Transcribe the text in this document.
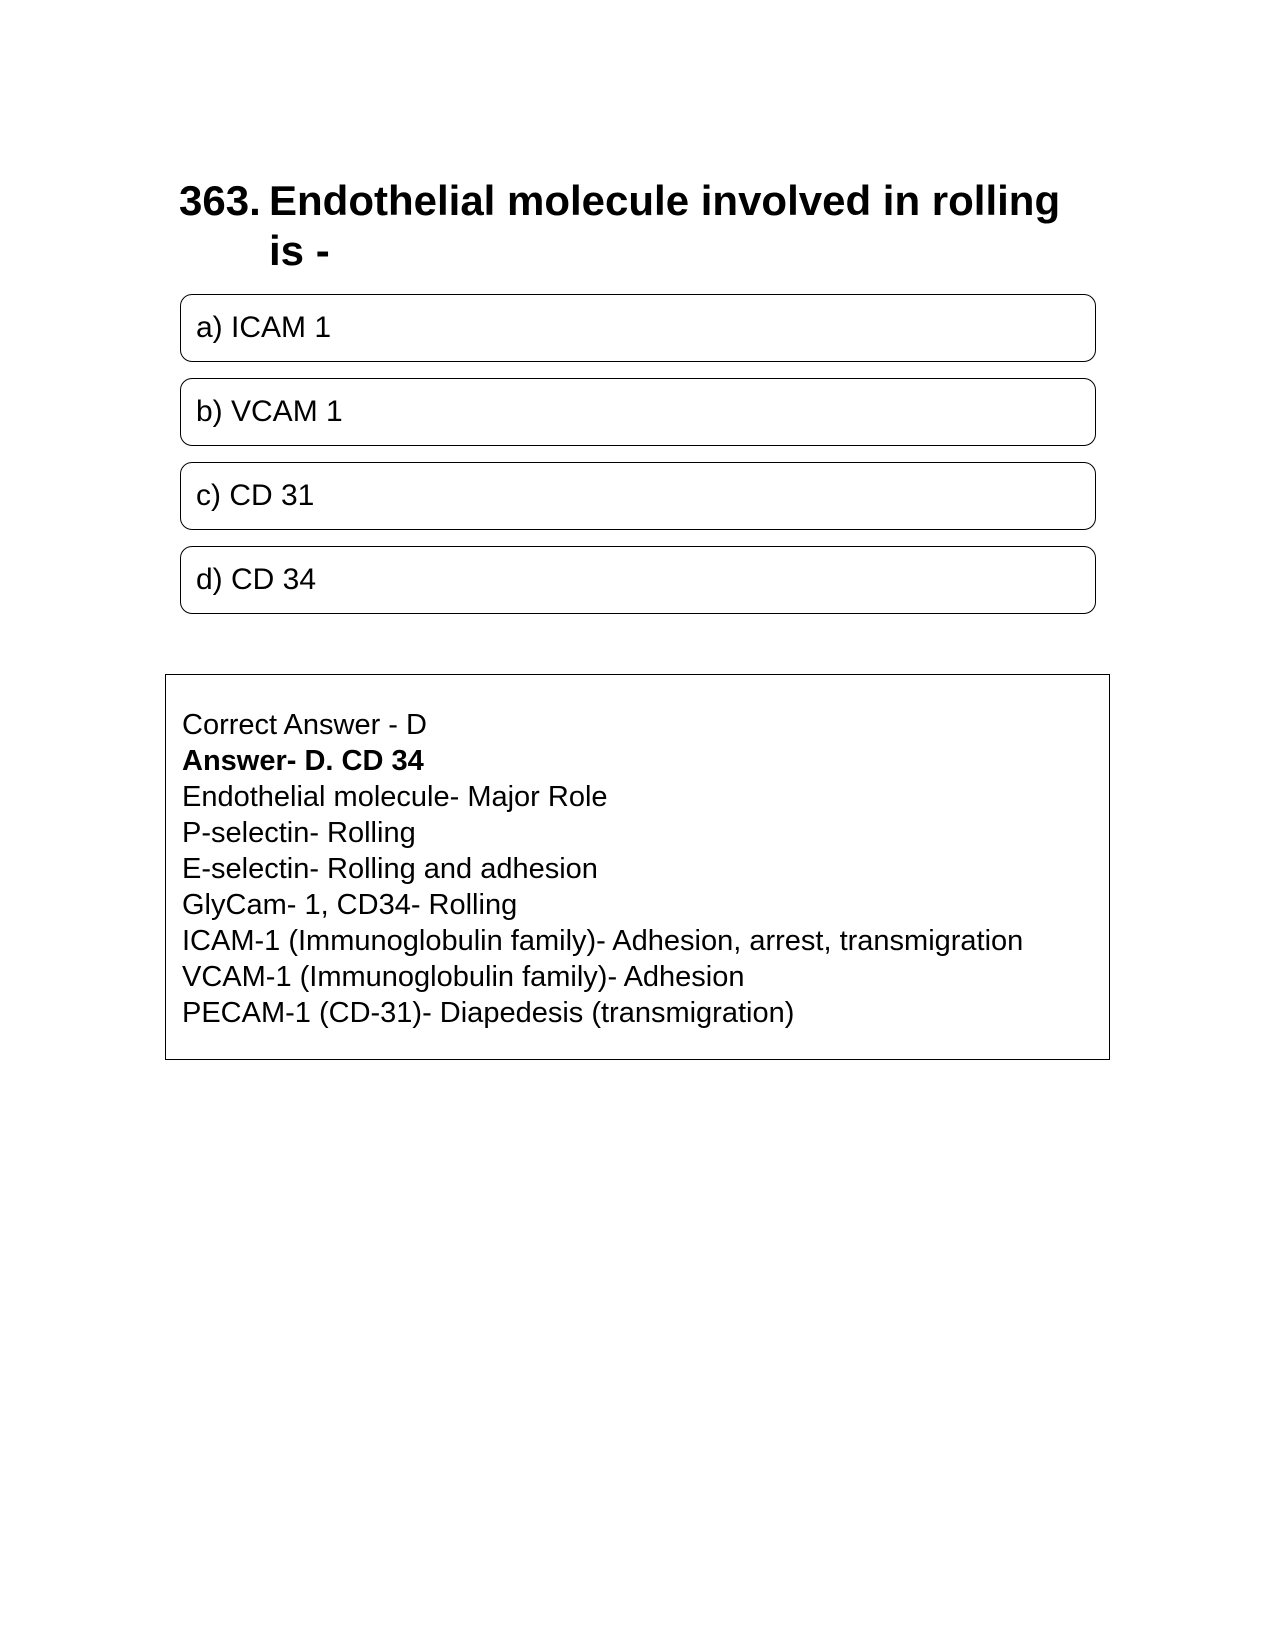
363. Endothelial molecule involved in rolling is -
a) ICAM 1
b) VCAM 1
c) CD 31
d) CD 34
Correct Answer - D
Answer- D. CD 34
Endothelial molecule- Major Role
P-selectin- Rolling
E-selectin- Rolling and adhesion
GlyCam- 1, CD34- Rolling
ICAM-1 (Immunoglobulin family)- Adhesion, arrest, transmigration
VCAM-1 (Immunoglobulin family)- Adhesion
PECAM-1 (CD-31)- Diapedesis (transmigration)
